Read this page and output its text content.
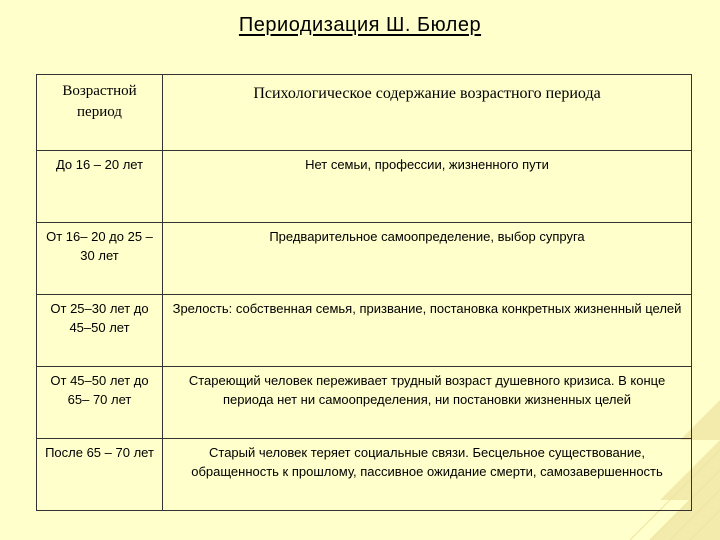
Периодизация Ш. Бюлер
Возрастной период	Психологическое содержание возрастного периода
До 16 – 20 лет	Нет семьи, профессии, жизненного пути
От 16– 20 до 25 – 30 лет	Предварительное самоопределение, выбор супруга
От 25–30 лет до 45–50 лет	Зрелость: собственная семья, призвание, постановка конкретных жизненный целей
От 45–50 лет до 65– 70 лет	Стареющий человек переживает трудный возраст душевного кризиса. В конце периода нет ни самоопределения, ни постановки жизненных целей
После 65 – 70 лет	Старый человек теряет социальные связи. Бесцельное существование, обращенность к прошлому, пассивное ожидание смерти, самозавершенность
